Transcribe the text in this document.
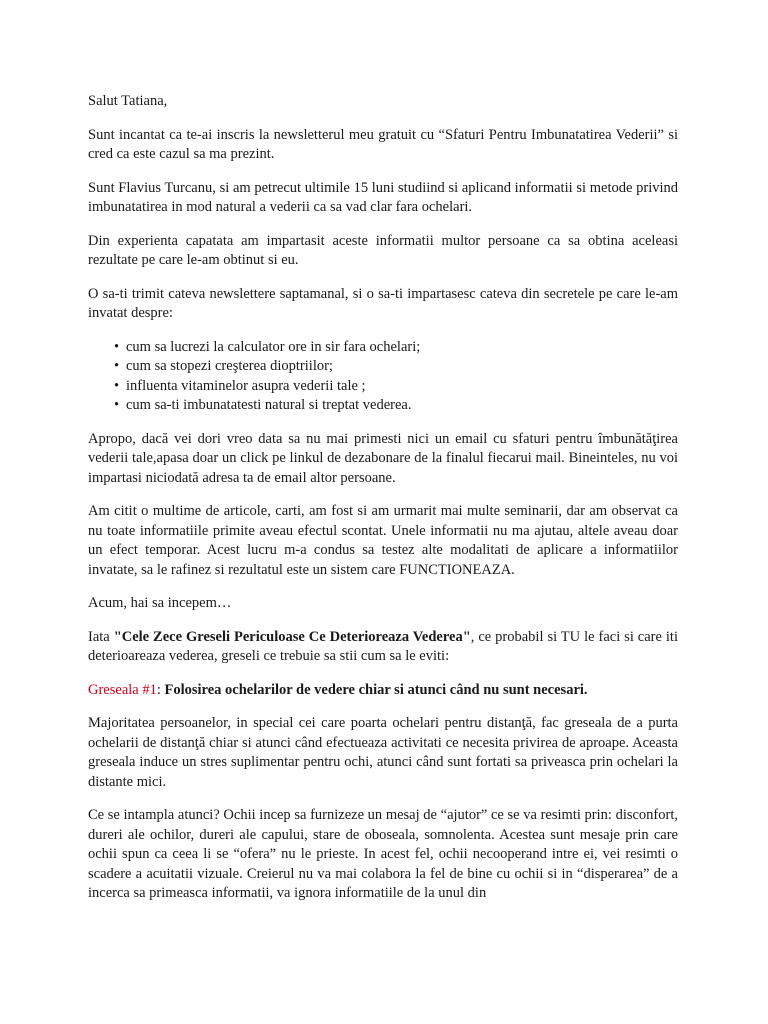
Salut Tatiana,

Sunt incantat ca te-ai inscris la newsletterul meu gratuit cu “Sfaturi Pentru Imbunatatirea Vederii” si cred ca este cazul sa ma prezint.

Sunt Flavius Turcanu, si am petrecut ultimile 15 luni studiind si aplicand informatii si metode privind imbunatatirea in mod natural a vederii ca sa vad clar fara ochelari.

Din experienta capatata am impartasit aceste informatii multor persoane ca sa obtina aceleasi rezultate pe care le-am obtinut si eu.

O sa-ti trimit cateva newslettere saptamanal, si o sa-ti impartasesc cateva din secretele pe care le-am invatat despre:

• cum sa lucrezi la calculator ore in sir fara ochelari;
• cum sa stopezi creşterea dioptriilor;
• influenta vitaminelor asupra vederii tale ;
• cum sa-ti imbunatatesti natural si treptat vederea.

Apropo, dacă vei dori vreo data sa nu mai primesti nici un email cu sfaturi pentru îmbunătăţirea vederii tale,apasa doar un click pe linkul de dezabonare de la finalul fiecarui mail. Bineinteles, nu voi impartasi niciodată adresa ta de email altor persoane.

Am citit o multime de articole, carti, am fost si am urmarit mai multe seminarii, dar am observat ca nu toate informatiile primite aveau efectul scontat. Unele informatii nu ma ajutau, altele aveau doar un efect temporar. Acest lucru m-a condus sa testez alte modalitati de aplicare a informatiilor invatate, sa le rafinez si rezultatul este un sistem care FUNCTIONEAZA.

Acum, hai sa incepem…

Iata "Cele Zece Greseli Periculoase Ce Deterioreaza Vederea", ce probabil si TU le faci si care iti deterioareaza vederea, greseli ce trebuie sa stii cum sa le eviti:

Greseala #1: Folosirea ochelarilor de vedere chiar si atunci când nu sunt necesari.

Majoritatea persoanelor, in special cei care poarta ochelari pentru distanţă, fac greseala de a purta ochelarii de distanţă chiar si atunci când efectueaza activitati ce necesita privirea de aproape. Aceasta greseala induce un stres suplimentar pentru ochi, atunci când sunt fortati sa priveasca prin ochelari la distante mici.

Ce se intampla atunci? Ochii incep sa furnizeze un mesaj de “ajutor” ce se va resimti prin: disconfort, dureri ale ochilor, dureri ale capului, stare de oboseala, somnolenta. Acestea sunt mesaje prin care ochii spun ca ceea li se “ofera” nu le priestе. In acest fel, ochii necooperand intre ei, vei resimti o scadere a acuitatii vizuale. Creierul nu va mai colabora la fel de bine cu ochii si in “disperarea” de a incerca sa primeasca informatii, va ignora informatiile de la unul din
